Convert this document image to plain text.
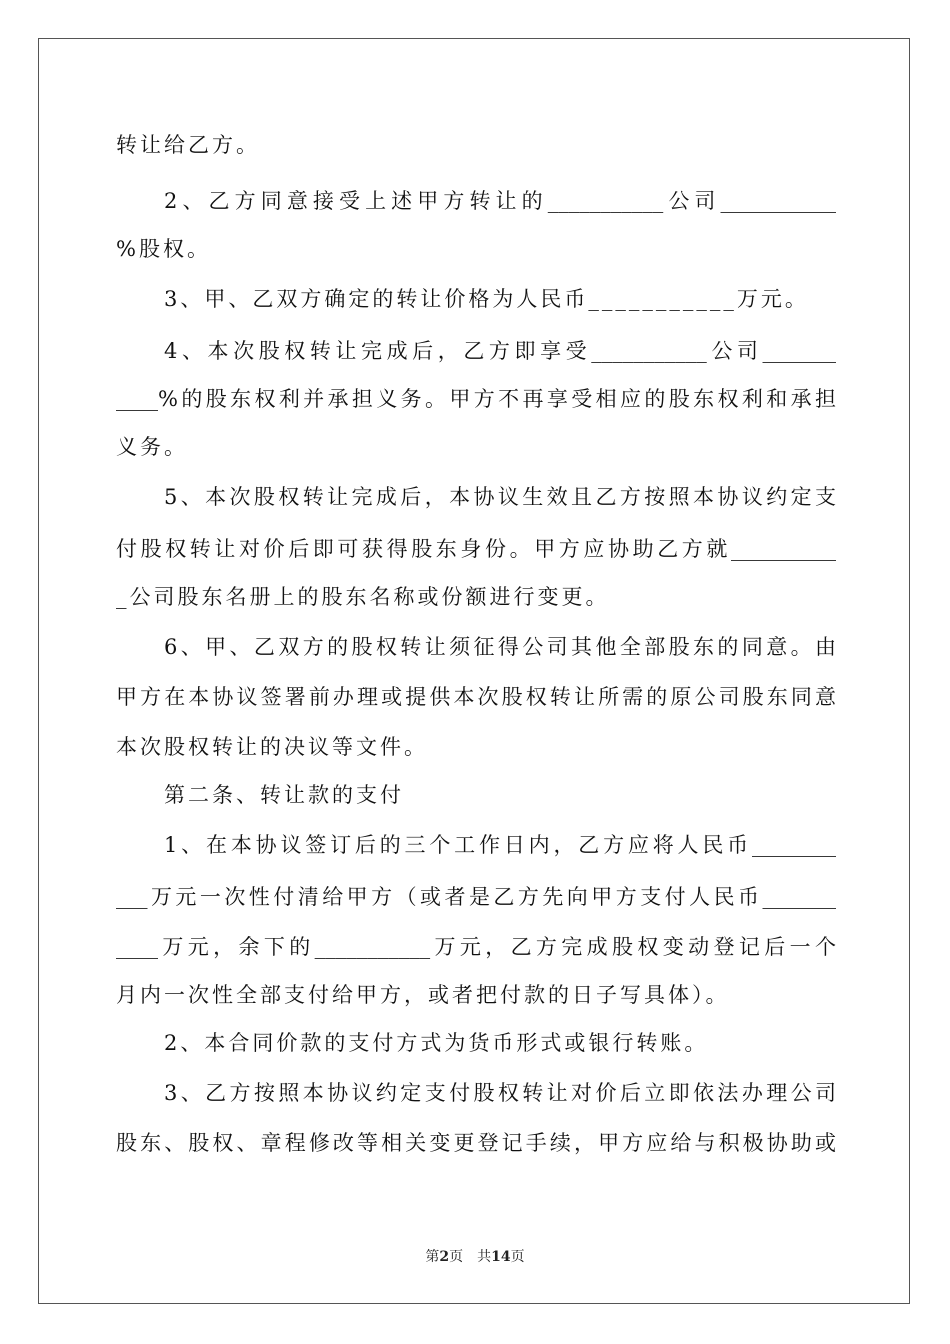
转让给乙方。
2、乙方同意接受上述甲方转让的___________公司___________
%股权。
3、甲、乙双方确定的转让价格为人民币___________万元。
4、本次股权转让完成后，乙方即享受___________公司_______
____%的股东权利并承担义务。甲方不再享受相应的股东权利和承担
义务。
5、本次股权转让完成后，本协议生效且乙方按照本协议约定支
付股权转让对价后即可获得股东身份。甲方应协助乙方就__________
_公司股东名册上的股东名称或份额进行变更。
6、甲、乙双方的股权转让须征得公司其他全部股东的同意。由
甲方在本协议签署前办理或提供本次股权转让所需的原公司股东同意
本次股权转让的决议等文件。
第二条、转让款的支付
1、在本协议签订后的三个工作日内，乙方应将人民币________
___万元一次性付清给甲方（或者是乙方先向甲方支付人民币_______
____万元，余下的___________万元，乙方完成股权变动登记后一个
月内一次性全部支付给甲方，或者把付款的日子写具体）。
2、本合同价款的支付方式为货币形式或银行转账。
3、乙方按照本协议约定支付股权转让对价后立即依法办理公司
股东、股权、章程修改等相关变更登记手续，甲方应给与积极协助或
第2页　共14页
